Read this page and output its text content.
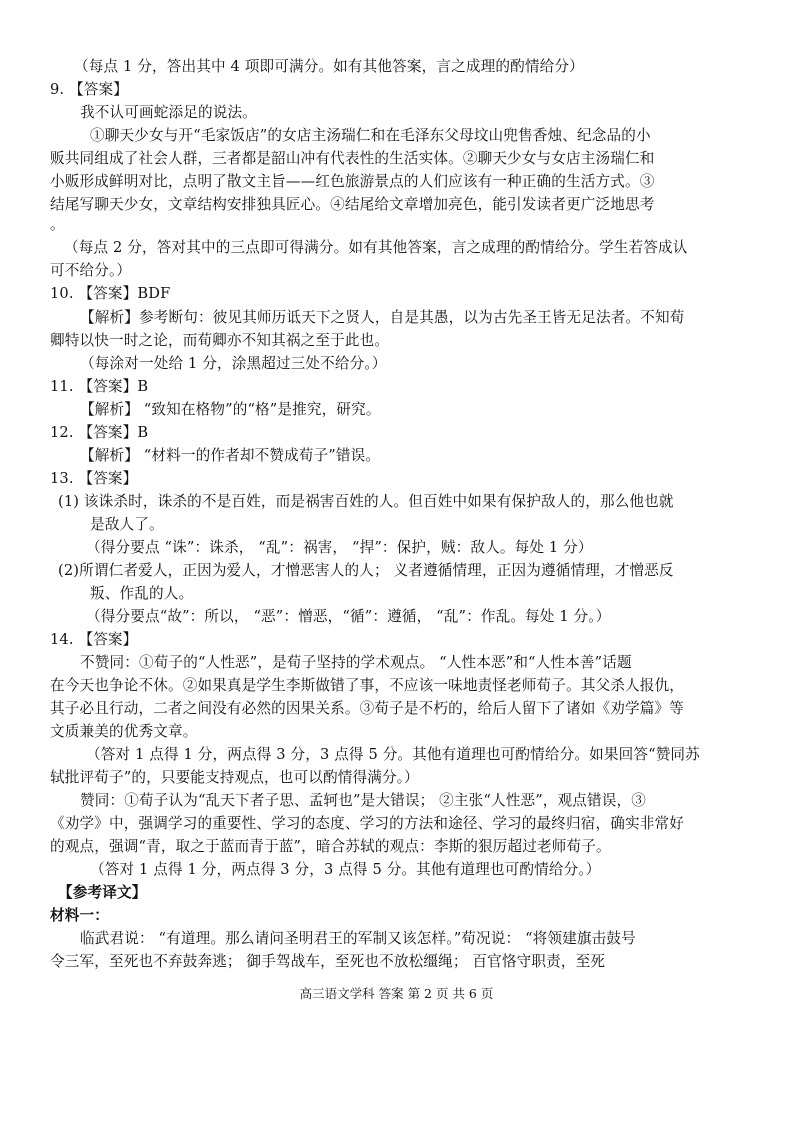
（每点 1 分，答出其中 4 项即可满分。如有其他答案，言之成理的酌情给分）
9. 【答案】
我不认可画蛇添足的说法。
①聊天少女与开“毛家饭店”的女店主汤瑞仁和在毛泽东父母坟山兜售香烛、纪念品的小
贩共同组成了社会人群，三者都是韶山冲有代表性的生活实体。②聊天少女与女店主汤瑞仁和
小贩形成鲜明对比，点明了散文主旨——红色旅游景点的人们应该有一种正确的生活方式。③
结尾写聊天少女，文章结构安排独具匠心。④结尾给文章增加亮色，能引发读者更广泛地思考
。
（每点 2 分，答对其中的三点即可得满分。如有其他答案，言之成理的酌情给分。学生若答成认
可不给分。）
10. 【答案】BDF
【解析】参考断句：彼见其师历诋天下之贤人，自是其愚，以为古先圣王皆无足法者。不知荀
卿特以快一时之论，而荀卿亦不知其祸之至于此也。
（每涂对一处给 1 分，涂黑超过三处不给分。）
11. 【答案】B
【解析】 “致知在格物”的“格”是推究，研究。
12. 【答案】B
【解析】 “材料一的作者却不赞成荀子”错误。
13. 【答案】
(1) 该诛杀时，诛杀的不是百姓，而是祸害百姓的人。但百姓中如果有保护敌人的，那么他也就
是敌人了。
（得分要点 “诛”：诛杀， “乱”：祸害， “捍”：保护，贼：敌人。每处 1 分）
(2)所谓仁者爱人，正因为爱人，才憎恶害人的人； 义者遵循情理，正因为遵循情理，才憎恶反
叛、作乱的人。
（得分要点“故”：所以， “恶”：憎恶，“循”：遵循， “乱”：作乱。每处 1 分。）
14. 【答案】
不赞同：①荀子的“人性恶”，是荀子坚持的学术观点。 “人性本恶”和“人性本善”话题
在今天也争论不休。②如果真是学生李斯做错了事，不应该一味地责怪老师荀子。其父杀人报仇，
其子必且行动，二者之间没有必然的因果关系。③荀子是不朽的，给后人留下了诸如《劝学篇》等
文质兼美的优秀文章。
（答对 1 点得 1 分，两点得 3 分，3 点得 5 分。其他有道理也可酌情给分。如果回答“赞同苏
轼批评荀子”的，只要能支持观点，也可以酌情得满分。）
赞同：①荀子认为“乱天下者子思、孟轲也”是大错误； ②主张“人性恶”，观点错误，③
《劝学》中，强调学习的重要性、学习的态度、学习的方法和途径、学习的最终归宿，确实非常好
的观点，强调“青，取之于蓝而青于蓝”，暗合苏轼的观点：李斯的狠厉超过老师荀子。
（答对 1 点得 1 分，两点得 3 分，3 点得 5 分。其他有道理也可酌情给分。）
【参考译文】
材料一：
临武君说： “有道理。那么请问圣明君王的军制又该怎样。”荀况说： “将领建旗击鼓号
令三军，至死也不弃鼓奔逃； 御手驾战车，至死也不放松缰绳； 百官恪守职责，至死
高三语文学科 答案 第 2 页 共 6 页
